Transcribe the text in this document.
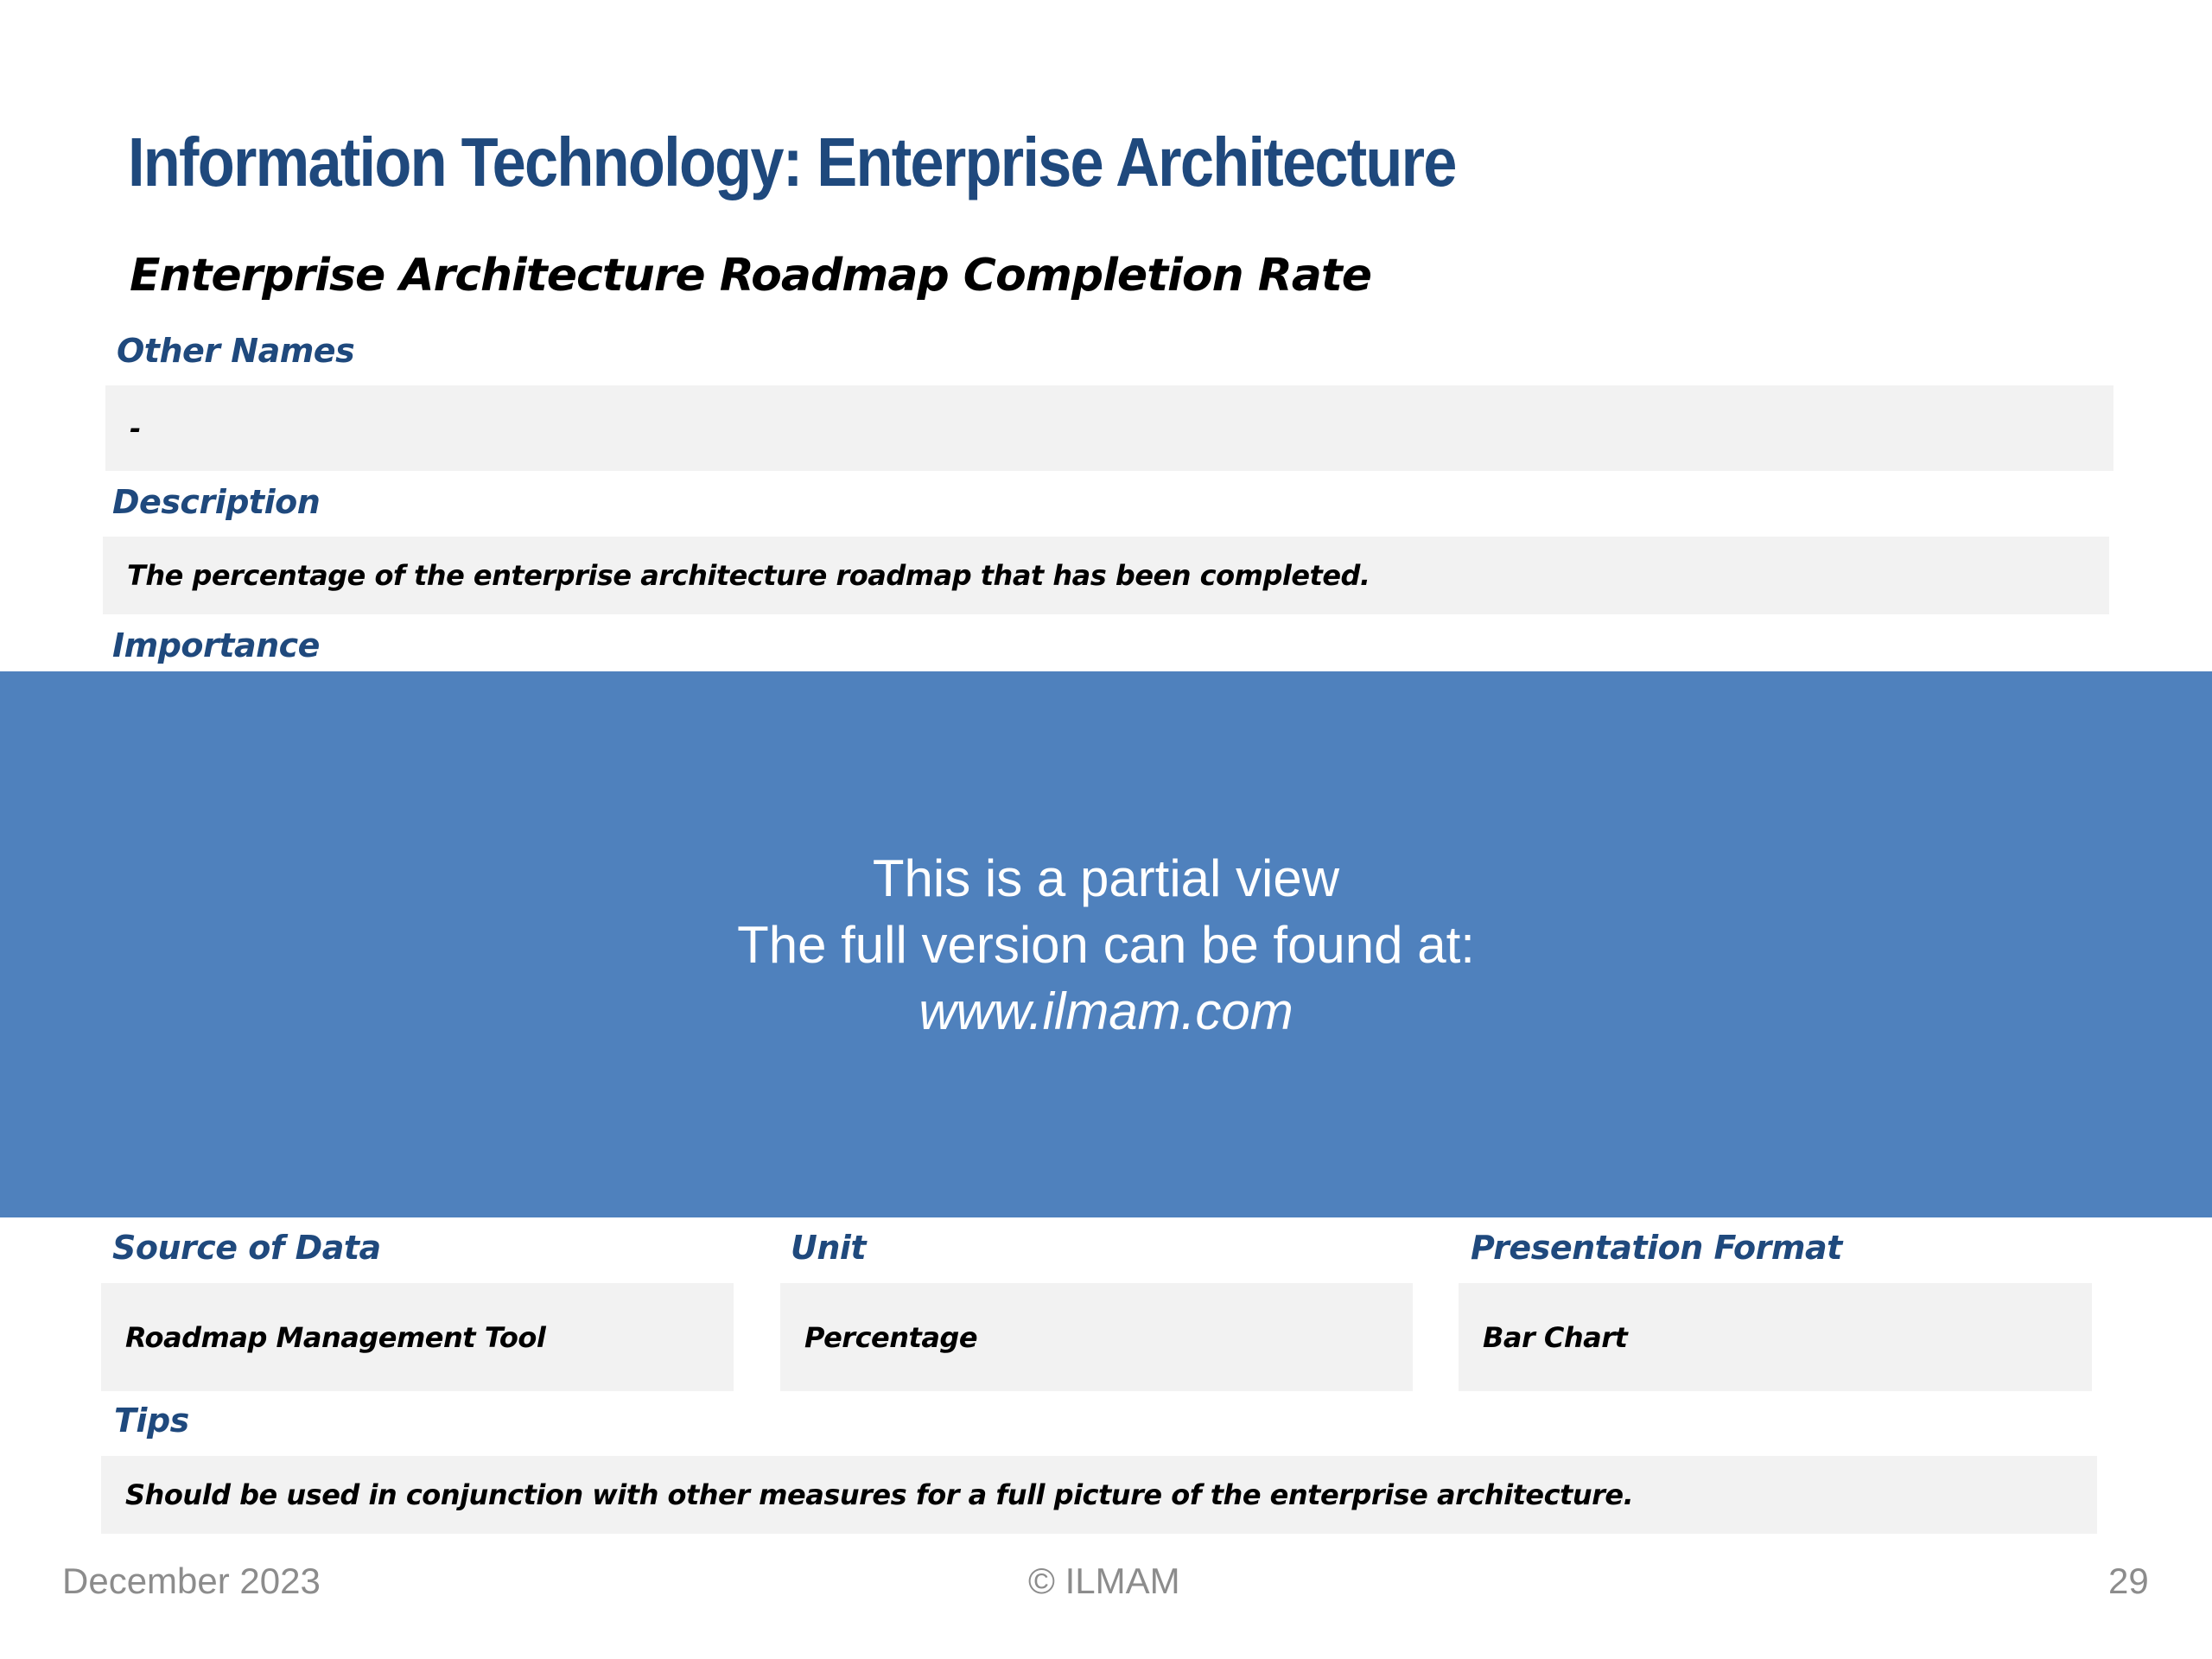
Information Technology: Enterprise Architecture
Enterprise Architecture Roadmap Completion Rate
Other Names
-
Description
The percentage of the enterprise architecture roadmap that has been completed.
Importance
This is a partial view
The full version can be found at:
www.ilmam.com
Source of Data
Roadmap Management Tool
Unit
Percentage
Presentation Format
Bar Chart
Tips
Should be used in conjunction with other measures for a full picture of the enterprise architecture.
December 2023	© ILMAM	29
